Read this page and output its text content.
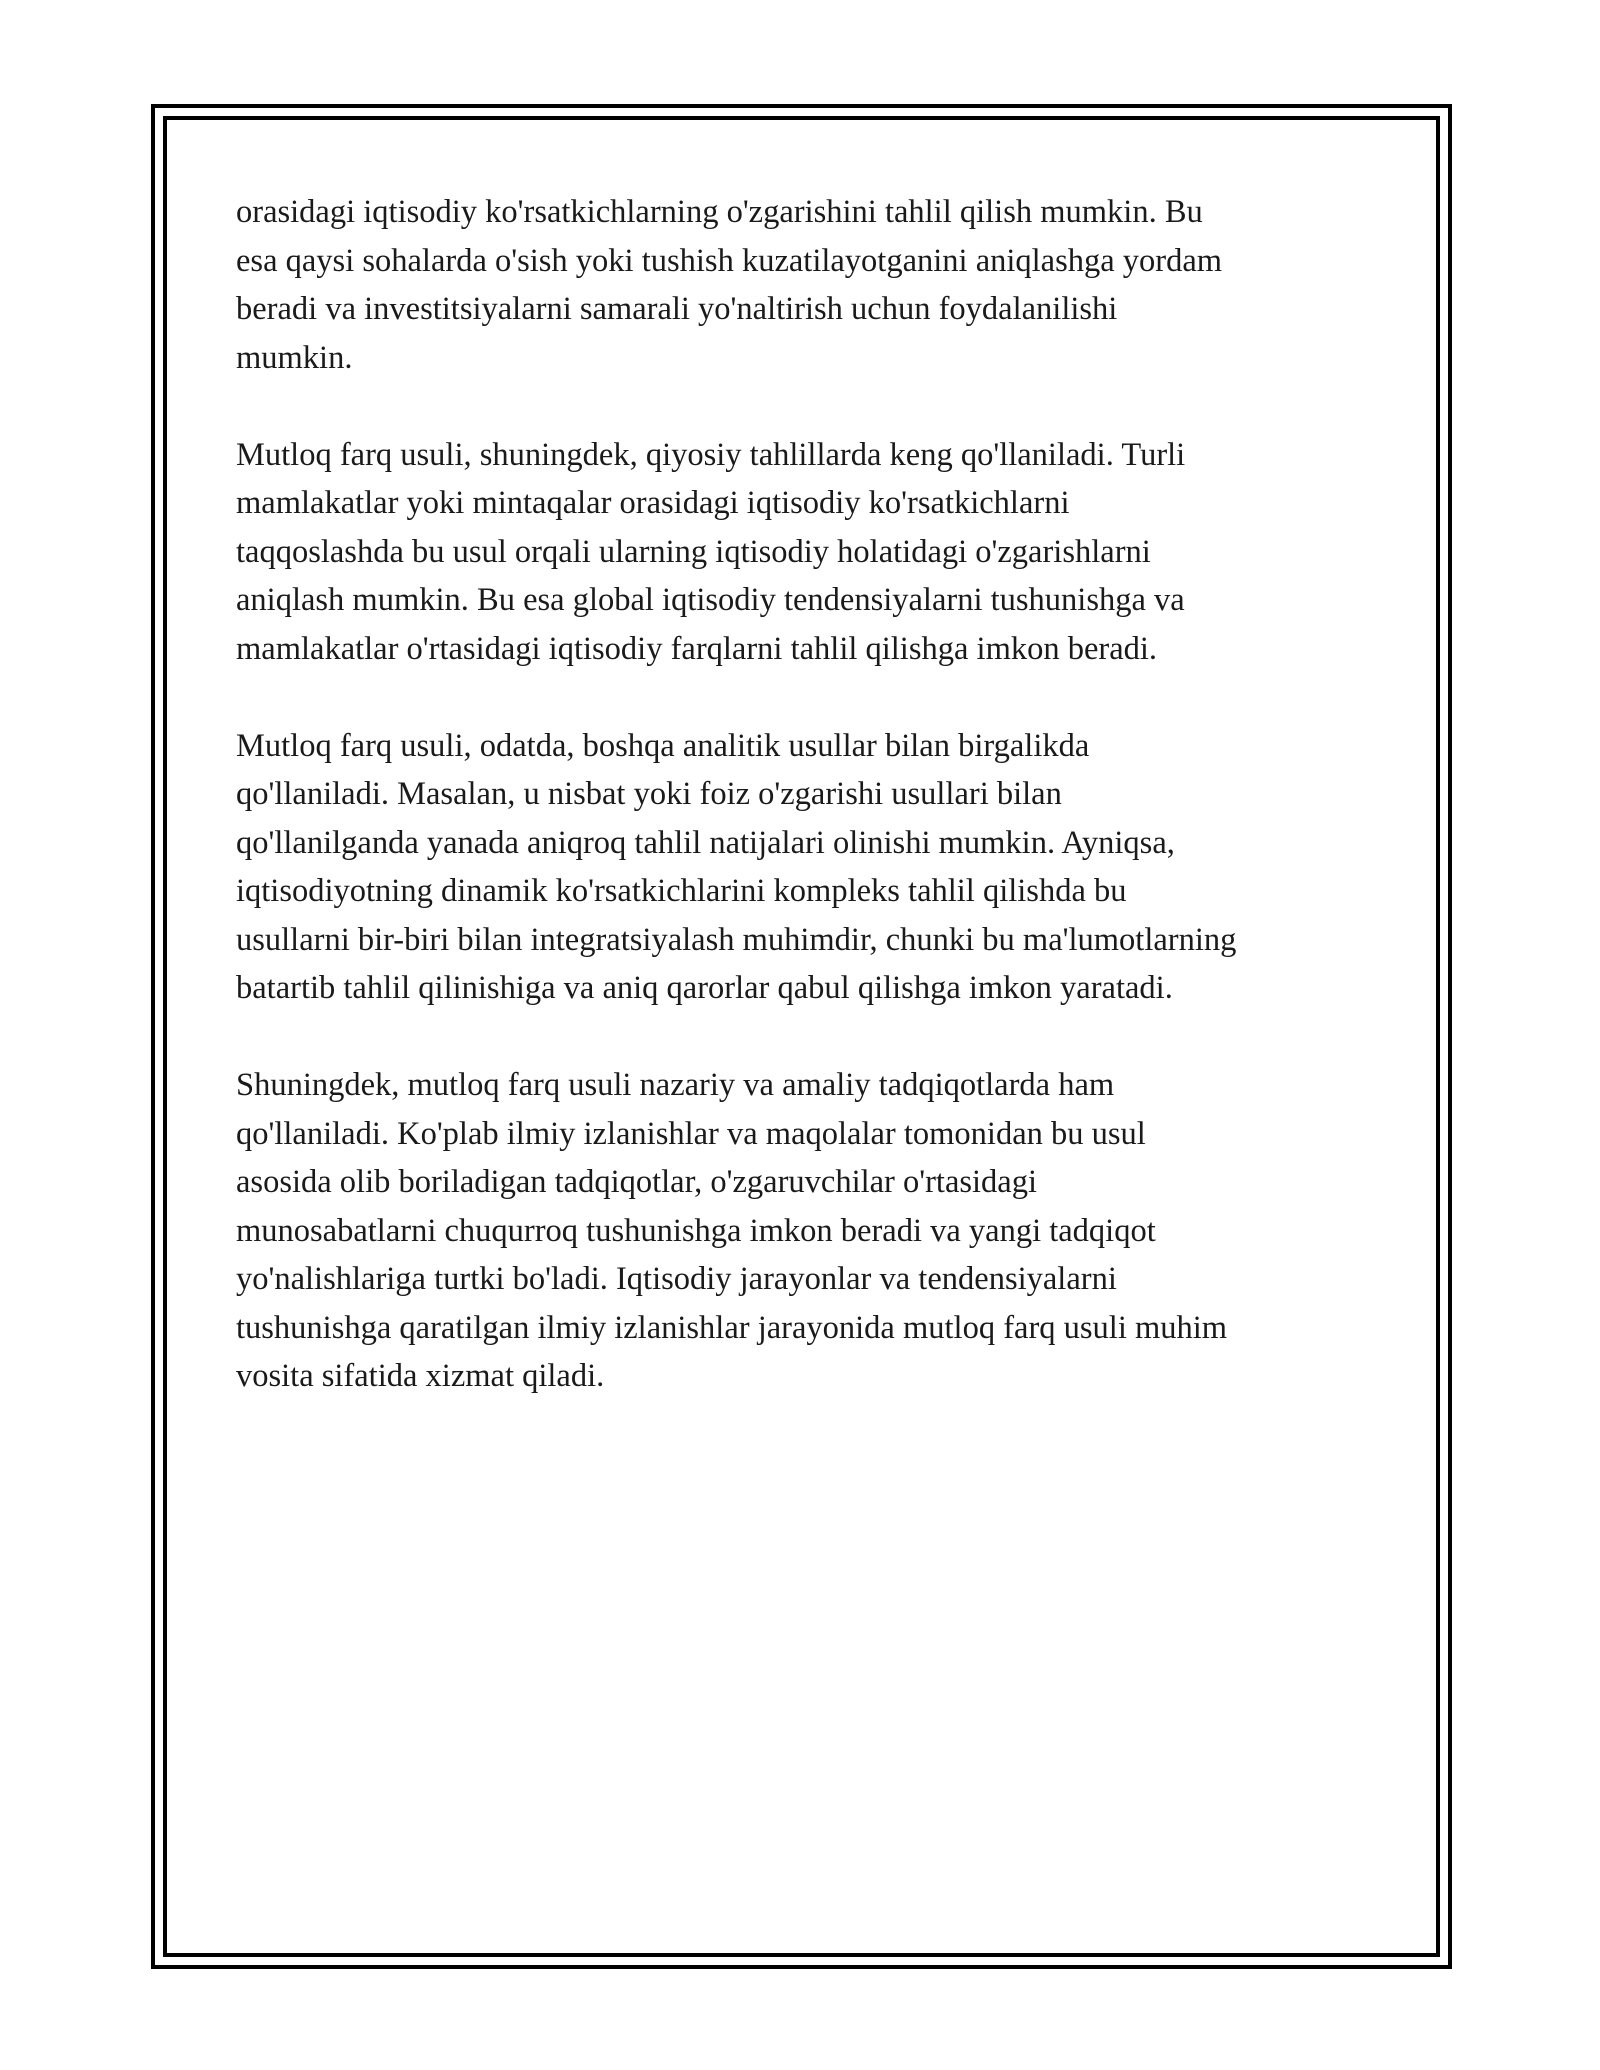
orasidagi iqtisodiy ko'rsatkichlarning o'zgarishini tahlil qilish mumkin. Bu
esa qaysi sohalarda o'sish yoki tushish kuzatilayotganini aniqlashga yordam
beradi va investitsiyalarni samarali yo'naltirish uchun foydalanilishi
mumkin.

Mutloq farq usuli, shuningdek, qiyosiy tahlillarda keng qo'llaniladi. Turli
mamlakatlar yoki mintaqalar orasidagi iqtisodiy ko'rsatkichlarni
taqqoslashda bu usul orqali ularning iqtisodiy holatidagi o'zgarishlarni
aniqlash mumkin. Bu esa global iqtisodiy tendensiyalarni tushunishga va
mamlakatlar o'rtasidagi iqtisodiy farqlarni tahlil qilishga imkon beradi.

Mutloq farq usuli, odatda, boshqa analitik usullar bilan birgalikda
qo'llaniladi. Masalan, u nisbat yoki foiz o'zgarishi usullari bilan
qo'llanilganda yanada aniqroq tahlil natijalari olinishi mumkin. Ayniqsa,
iqtisodiyotning dinamik ko'rsatkichlarini kompleks tahlil qilishda bu
usullarni bir-biri bilan integratsiyalash muhimdir, chunki bu ma'lumotlarning
batartib tahlil qilinishiga va aniq qarorlar qabul qilishga imkon yaratadi.

Shuningdek, mutloq farq usuli nazariy va amaliy tadqiqotlarda ham
qo'llaniladi. Ko'plab ilmiy izlanishlar va maqolalar tomonidan bu usul
asosida olib boriladigan tadqiqotlar, o'zgaruvchilar o'rtasidagi
munosabatlarni chuqurroq tushunishga imkon beradi va yangi tadqiqot
yo'nalishlariga turtki bo'ladi. Iqtisodiy jarayonlar va tendensiyalarni
tushunishga qaratilgan ilmiy izlanishlar jarayonida mutloq farq usuli muhim
vosita sifatida xizmat qiladi.
